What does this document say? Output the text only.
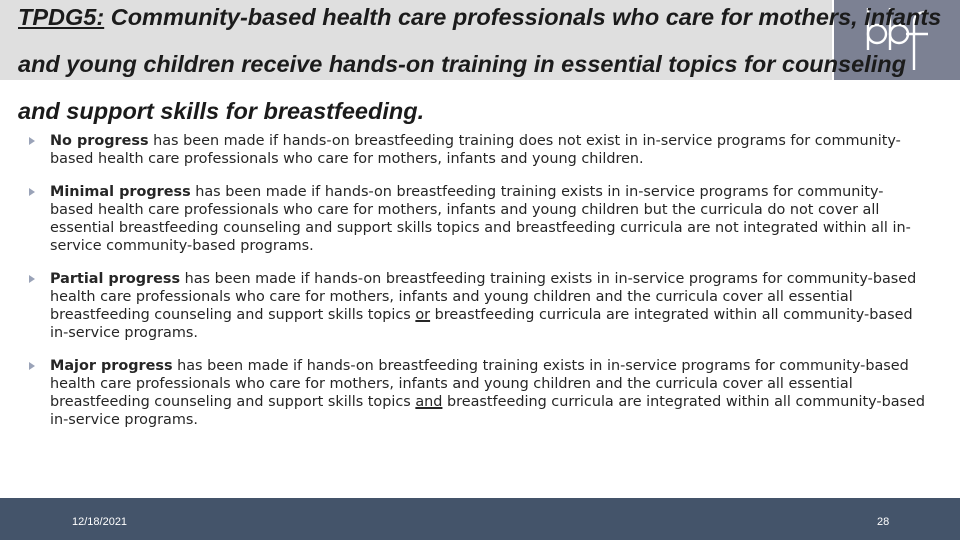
TPDG5: Community-based health care professionals who care for mothers, infants and young children receive hands-on training in essential topics for counseling and support skills for breastfeeding.
No progress has been made if hands-on breastfeeding training does not exist in in-service programs for community-based health care professionals who care for mothers, infants and young children.
Minimal progress has been made if hands-on breastfeeding training exists in in-service programs for community-based health care professionals who care for mothers, infants and young children but the curricula do not cover all essential breastfeeding counseling and support skills topics and breastfeeding curricula are not integrated within all in-service community-based programs.
Partial progress has been made if hands-on breastfeeding training exists in in-service programs for community-based health care professionals who care for mothers, infants and young children and the curricula cover all essential breastfeeding counseling and support skills topics or breastfeeding curricula are integrated within all community-based in-service programs.
Major progress has been made if hands-on breastfeeding training exists in in-service programs for community-based health care professionals who care for mothers, infants and young children and the curricula cover all essential breastfeeding counseling and support skills topics and breastfeeding curricula are integrated within all community-based in-service programs.
12/18/2021	28
